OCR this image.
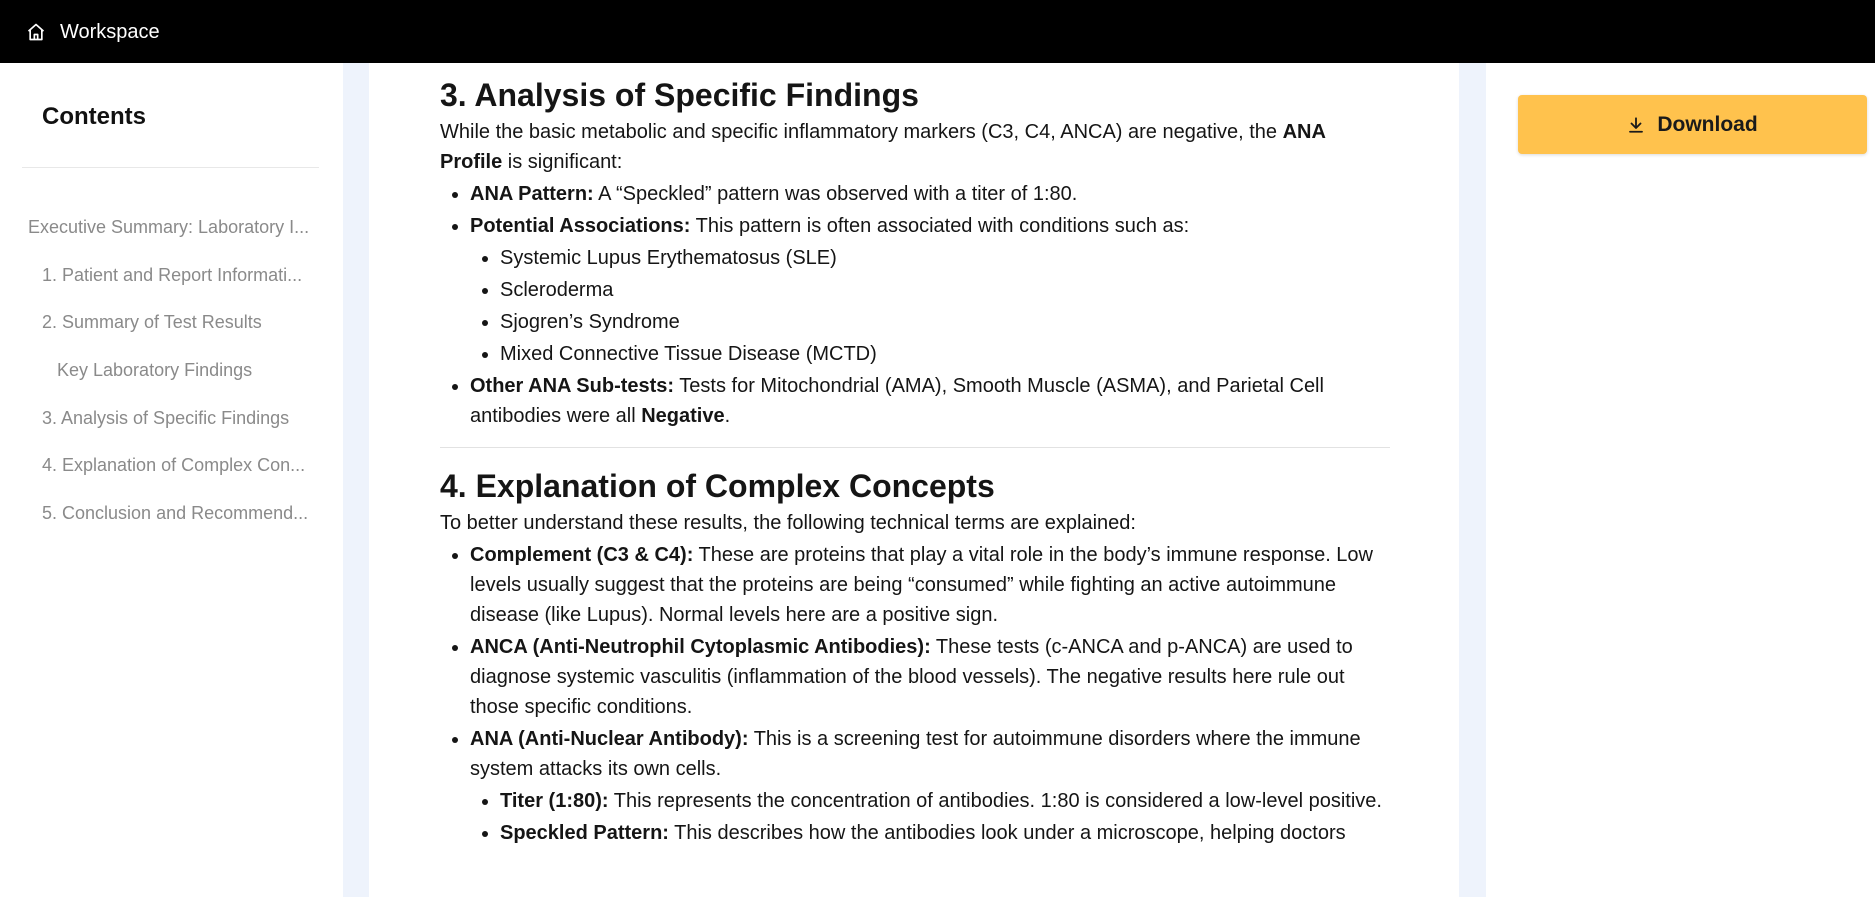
Workspace
Contents
Executive Summary: Laboratory I...
1. Patient and Report Informati...
2. Summary of Test Results
Key Laboratory Findings
3. Analysis of Specific Findings
4. Explanation of Complex Con...
5. Conclusion and Recommend...
3. Analysis of Specific Findings

While the basic metabolic and specific inflammatory markers (C3, C4, ANCA) are negative, the ANA Profile is significant:

• ANA Pattern: A “Speckled” pattern was observed with a titer of 1:80.
• Potential Associations: This pattern is often associated with conditions such as:
• Systemic Lupus Erythematosus (SLE)
• Scleroderma
• Sjogren’s Syndrome
• Mixed Connective Tissue Disease (MCTD)
• Other ANA Sub-tests: Tests for Mitochondrial (AMA), Smooth Muscle (ASMA), and Parietal Cell antibodies were all Negative.
4. Explanation of Complex Concepts

To better understand these results, the following technical terms are explained:

• Complement (C3 & C4): These are proteins that play a vital role in the body’s immune response. Low levels usually suggest that the proteins are being “consumed” while fighting an active autoimmune disease (like Lupus). Normal levels here are a positive sign.
• ANCA (Anti-Neutrophil Cytoplasmic Antibodies): These tests (c-ANCA and p-ANCA) are used to diagnose systemic vasculitis (inflammation of the blood vessels). The negative results here rule out those specific conditions.
• ANA (Anti-Nuclear Antibody): This is a screening test for autoimmune disorders where the immune system attacks its own cells.
• Titer (1:80): This represents the concentration of antibodies. 1:80 is considered a low-level positive.
• Speckled Pattern: This describes how the antibodies look under a microscope, helping doctors
Download
